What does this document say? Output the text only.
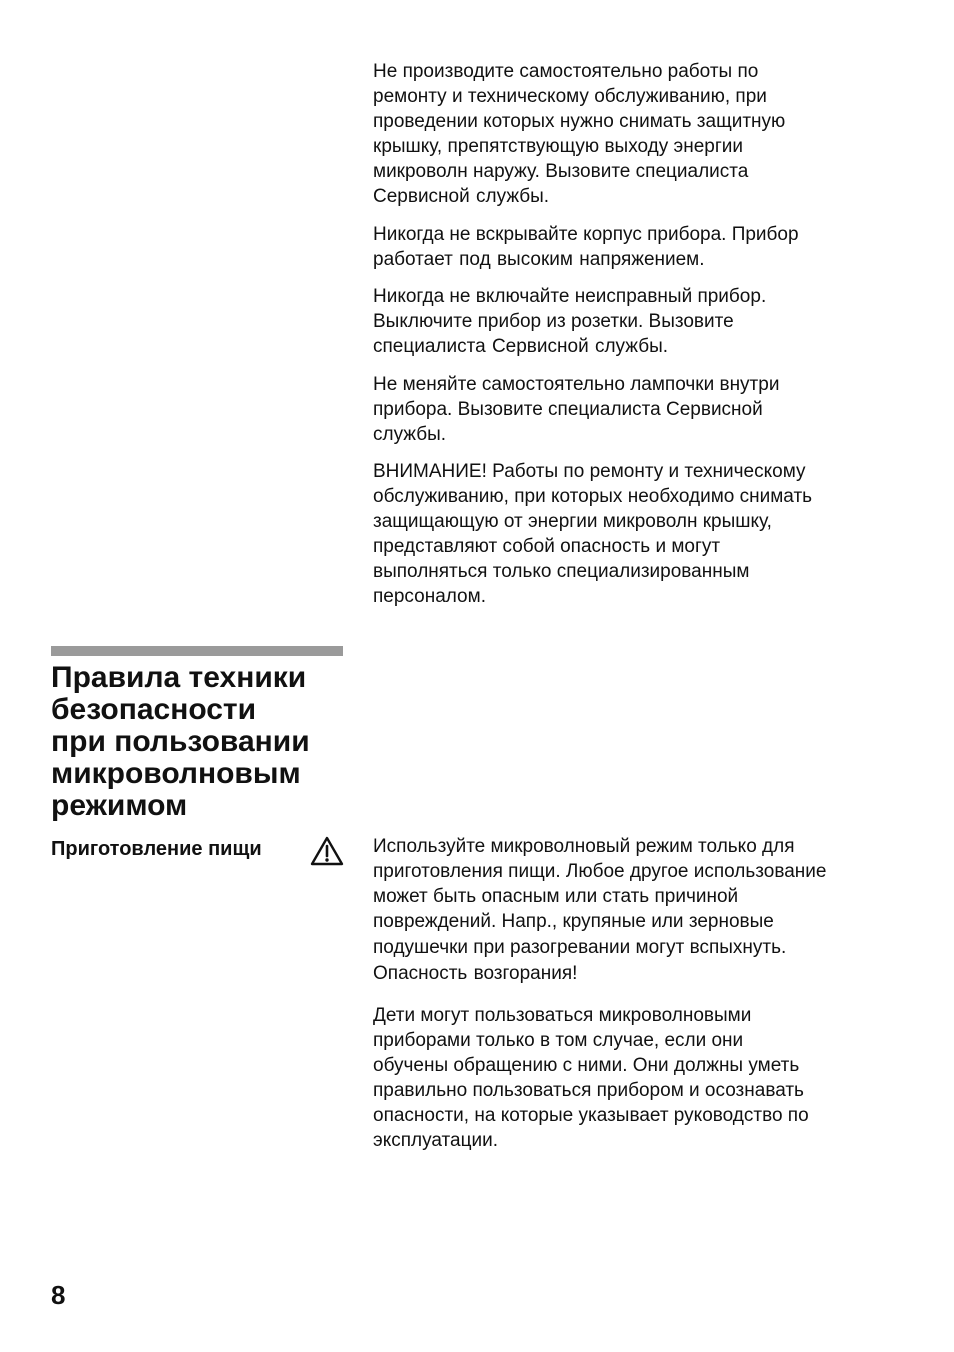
Не производите самостоятельно работы по
ремонту и техническому обслуживанию, при
проведении которых нужно снимать защитную
крышку, препятствующую выходу энергии
микроволн наружу. Вызовите специалиста
Сервисной службы.
Никогда не вскрывайте корпус прибора. Прибор
работает под высоким напряжением.
Никогда не включайте неисправный прибор.
Выключите прибор из розетки. Вызовите
специалиста Сервисной службы.
Не меняйте самостоятельно лампочки внутри
прибора. Вызовите специалиста Сервисной
службы.
ВНИМАНИЕ! Работы по ремонту и техническому
обслуживанию, при которых необходимо снимать
защищающую от энергии микроволн крышку,
представляют собой опасность и могут
выполняться только специализированным
персоналом.
Правила техники
безопасности
при пользовании
микроволновым
режимом
Приготовление пищи	Используйте микроволновый режим только для
приготовления пищи. Любое другое использование
может быть опасным или стать причиной
повреждений. Напр., крупяные или зерновые
подушечки при разогревании могут вспыхнуть.
Опасность возгорания!
Дети могут пользоваться микроволновыми
приборами только в том случае, если они
обучены обращению с ними. Они должны уметь
правильно пользоваться прибором и осознавать
опасности, на которые указывает руководство по
эксплуатации.
8
